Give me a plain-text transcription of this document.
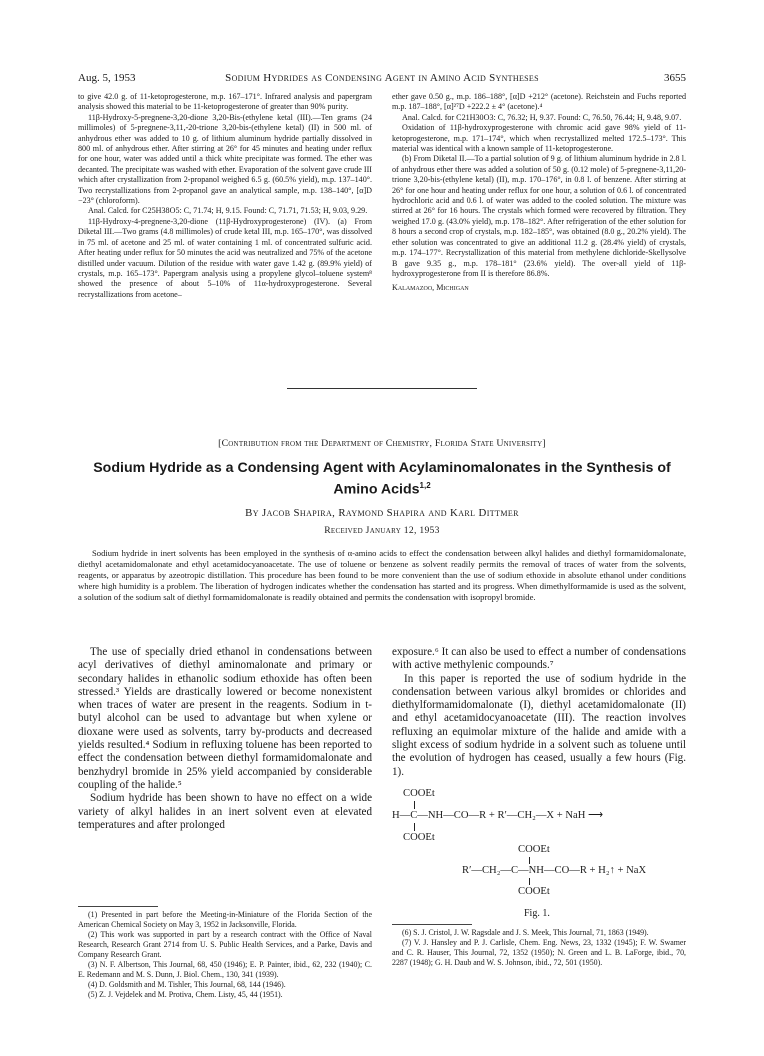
Aug. 5, 1953	Sodium Hydrides as Condensing Agent in Amino Acid Syntheses	3655

to give 42.0 g. of 11-ketoprogesterone, m.p. 167–171°. Infrared analysis and papergram analysis showed this material to be 11-ketoprogesterone of greater than 90% purity.

11β-Hydroxy-5-pregnene-3,20-dione 3,20-Bis-(ethylene ketal (III).—Ten grams (24 millimoles) of 5-pregnene-3,11,-20-trione 3,20-bis-(ethylene ketal) (II) in 500 ml. of anhydrous ether was added to 10 g. of lithium aluminum hydride partially dissolved in 800 ml. of anhydrous ether. After stirring at 26° for 45 minutes and heating under reflux for one hour, water was added until a thick white precipitate was formed. The ether was decanted. The precipitate was washed with ether. Evaporation of the solvent gave crude III which after crystallization from 2-propanol weighed 6.5 g. (60.5% yield), m.p. 137–140°. Two recrystallizations from 2-propanol gave an analytical sample, m.p. 138–140°, [α]D −23° (chloroform).

Anal. Calcd. for C25H38O5: C, 71.74; H, 9.15. Found: C, 71.71, 71.53; H, 9.03, 9.29.

11β-Hydroxy-4-pregnene-3,20-dione (11β-Hydroxyprogesterone) (IV). (a) From Diketal III.—Two grams (4.8 millimoles) of crude ketal III, m.p. 165–170°, was dissolved in 75 ml. of acetone and 25 ml. of water containing 1 ml. of concentrated sulfuric acid. After heating under reflux for 50 minutes the acid was neutralized and 75% of the acetone distilled under vacuum. Dilution of the residue with water gave 1.42 g. (89.9% yield) of crystals, m.p. 165–173°. Papergram analysis using a propylene glycol–toluene system⁸ showed the presence of about 5–10% of 11α-hydroxyprogesterone. Several recrystallizations from acetone–

ether gave 0.50 g., m.p. 186–188°, [α]D +212° (acetone). Reichstein and Fuchs reported m.p. 187–188°, [α]²⁷D +222.2 ± 4° (acetone).⁴

Anal. Calcd. for C21H30O3: C, 76.32; H, 9.37. Found: C, 76.50, 76.44; H, 9.48, 9.07.

Oxidation of 11β-hydroxyprogesterone with chromic acid gave 98% yield of 11-ketoprogesterone, m.p. 171–174°, which when recrystallized melted 172.5–173°. This material was identical with a known sample of 11-ketoprogesterone.

(b) From Diketal II.—To a partial solution of 9 g. of lithium aluminum hydride in 2.8 l. of anhydrous ether there was added a solution of 50 g. (0.12 mole) of 5-pregnene-3,11,20-trione 3,20-bis-(ethylene ketal) (II), m.p. 170–176°, in 0.8 l. of benzene. After stirring at 26° for one hour and heating under reflux for one hour, a solution of 0.6 l. of concentrated hydrochloric acid and 0.6 l. of water was added to the cooled solution. The mixture was stirred at 26° for 16 hours. The crystals which formed were recovered by filtration. They weighed 17.0 g. (43.0% yield), m.p. 178–182°. After refrigeration of the ether solution for 8 hours a second crop of crystals, m.p. 182–185°, was obtained (8.0 g., 20.2% yield). The ether solution was concentrated to give an additional 11.2 g. (28.4% yield) of crystals, m.p. 174–177°. Recrystallization of this material from methylene dichloride-Skellysolve B gave 9.35 g., m.p. 178–181° (23.6% yield). The over-all yield of 11β-hydroxyprogesterone from II is therefore 86.8%.

Kalamazoo, Michigan

[Contribution from the Department of Chemistry, Florida State University]
Sodium Hydride as a Condensing Agent with Acylaminomalonates in the Synthesis of
Amino Acids$^{1,2}$
By Jacob Shapira, Raymond Shapira and Karl Dittmer
Received January 12, 1953
Sodium hydride in inert solvents has been employed in the synthesis of α-amino acids to effect the condensation between alkyl halides and diethyl formamidomalonate, diethyl acetamidomalonate and ethyl acetamidocyanoacetate. The use of toluene or benzene as solvent readily permits the removal of traces of water from the solvents, reagents, or apparatus by azeotropic distillation. This procedure has been found to be more convenient than the use of sodium ethoxide in absolute ethanol under conditions where high humidity is a problem. The liberation of hydrogen indicates whether the condensation has started and its progress. When dimethylformamide is used as the solvent, a solution of the sodium salt of diethyl formamidomalonate is readily obtained and permits the condensation with isopropyl bromide.

The use of specially dried ethanol in condensations between acyl derivatives of diethyl aminomalonate and primary or secondary halides in ethanolic sodium ethoxide has often been stressed.³ Yields are drastically lowered or become nonexistent when traces of water are present in the reagents. Sodium in t-butyl alcohol can be used to advantage but when xylene or dioxane were used as solvents, tarry by-products and decreased yields resulted.⁴ Sodium in refluxing toluene has been reported to effect the condensation between diethyl formamidomalonate and benzhydryl bromide in 25% yield accompanied by considerable coupling of the halide.⁵

Sodium hydride has been shown to have no effect on a wide variety of alkyl halides in an inert solvent even at elevated temperatures and after prolonged

exposure.⁶ It can also be used to effect a number of condensations with active methylenic compounds.⁷

In this paper is reported the use of sodium hydride in the condensation between various alkyl bromides or chlorides and diethylformamidomalonate (I), diethyl acetamidomalonate (II) and ethyl acetamidocyanoacetate (III). The reaction involves refluxing an equimolar mixture of the halide and amide with a slight excess of sodium hydride in a solvent such as toluene until the evolution of hydrogen has ceased, usually a few hours (Fig. 1).

COOEt
H—C—NH—CO—R + R′—CH₂—X + NaH ⟶
COOEt
COOEt
R′—CH₂—C—NH—CO—R + H₂↑ + NaX
COOEt
Fig. 1.

(1) Presented in part before the Meeting-in-Miniature of the Florida Section of the American Chemical Society on May 3, 1952 in Jacksonville, Florida.

(2) This work was supported in part by a research contract with the Office of Naval Research, Research Grant 2714 from U. S. Public Health Services, and a Parke, Davis and Company Research Grant.

(3) N. F. Albertson, This Journal, 68, 450 (1946); E. P. Painter, ibid., 62, 232 (1940); C. E. Redemann and M. S. Dunn, J. Biol. Chem., 130, 341 (1939).

(4) D. Goldsmith and M. Tishler, This Journal, 68, 144 (1946).

(5) Z. J. Vejdelek and M. Protiva, Chem. Listy, 45, 44 (1951).

(6) S. J. Cristol, J. W. Ragsdale and J. S. Meek, This Journal, 71, 1863 (1949).

(7) V. J. Hansley and P. J. Carlisle, Chem. Eng. News, 23, 1332 (1945); F. W. Swamer and C. R. Hauser, This Journal, 72, 1352 (1950); N. Green and L. B. LaForge, ibid., 70, 2287 (1948); G. H. Daub and W. S. Johnson, ibid., 72, 501 (1950).
